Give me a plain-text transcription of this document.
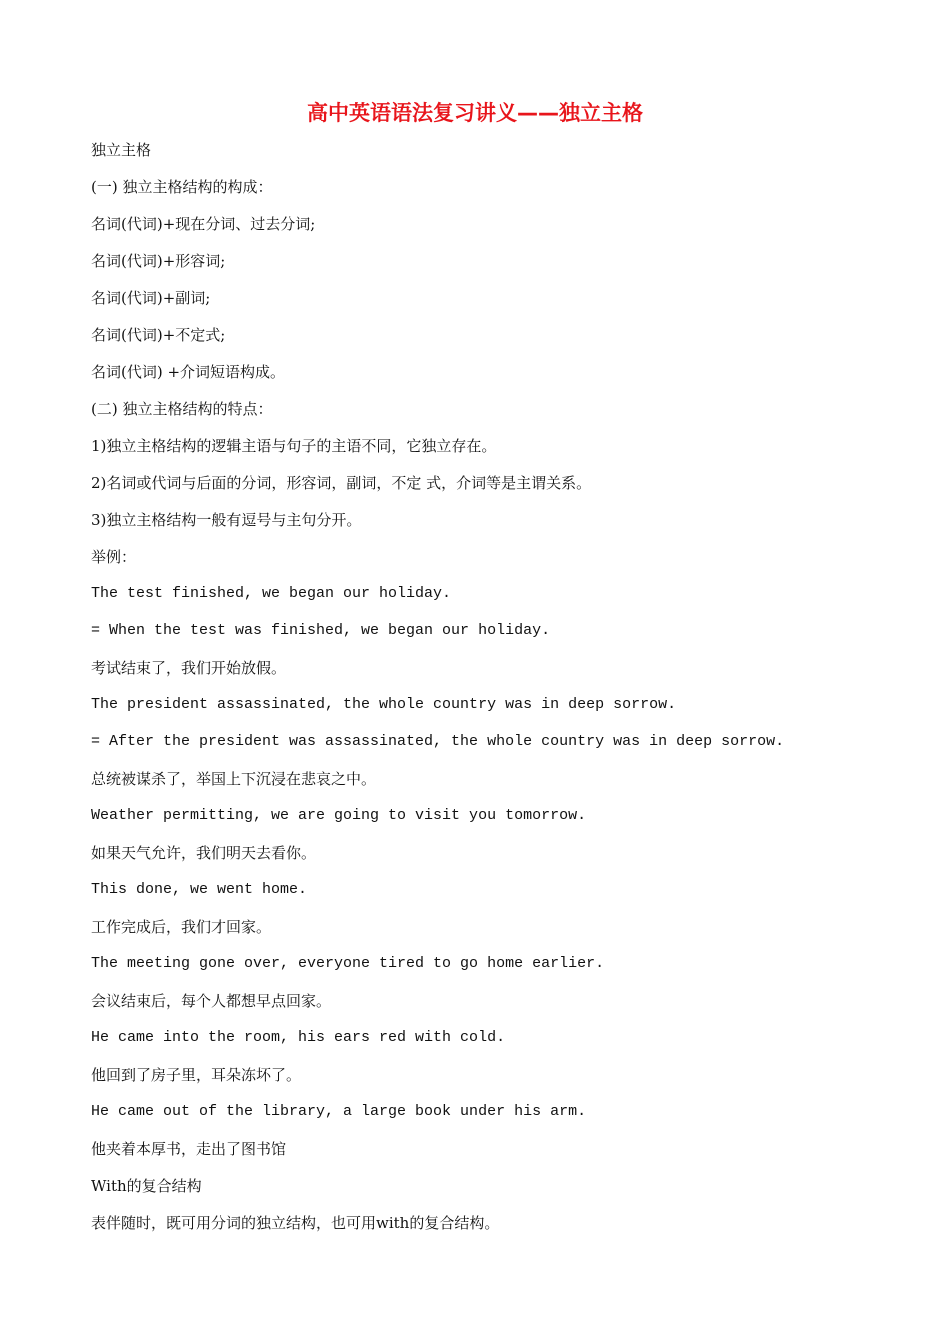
高中英语语法复习讲义——独立主格

独立主格

(一) 独立主格结构的构成：

名词(代词)+现在分词、过去分词;

名词(代词)+形容词;

名词(代词)+副词;

名词(代词)+不定式;

名词(代词) +介词短语构成。

(二) 独立主格结构的特点：

1)独立主格结构的逻辑主语与句子的主语不同，它独立存在。

2)名词或代词与后面的分词，形容词，副词，不定 式，介词等是主谓关系。

3)独立主格结构一般有逗号与主句分开。

举例：

The test finished, we began our holiday.

= When the test was finished, we began our holiday.

考试结束了，我们开始放假。

The president assassinated, the whole country was in deep sorrow.

= After the president was assassinated, the whole country was in deep sorrow.

总统被谋杀了，举国上下沉浸在悲哀之中。

Weather permitting, we are going to visit you tomorrow.

如果天气允许，我们明天去看你。

This done, we went home.

工作完成后，我们才回家。

The meeting gone over, everyone tired to go home earlier.

会议结束后，每个人都想早点回家。

He came into the room, his ears red with cold.

他回到了房子里，耳朵冻坏了。

He came out of the library, a large book under his arm.

他夹着本厚书，走出了图书馆

With的复合结构

表伴随时，既可用分词的独立结构，也可用with的复合结构。
